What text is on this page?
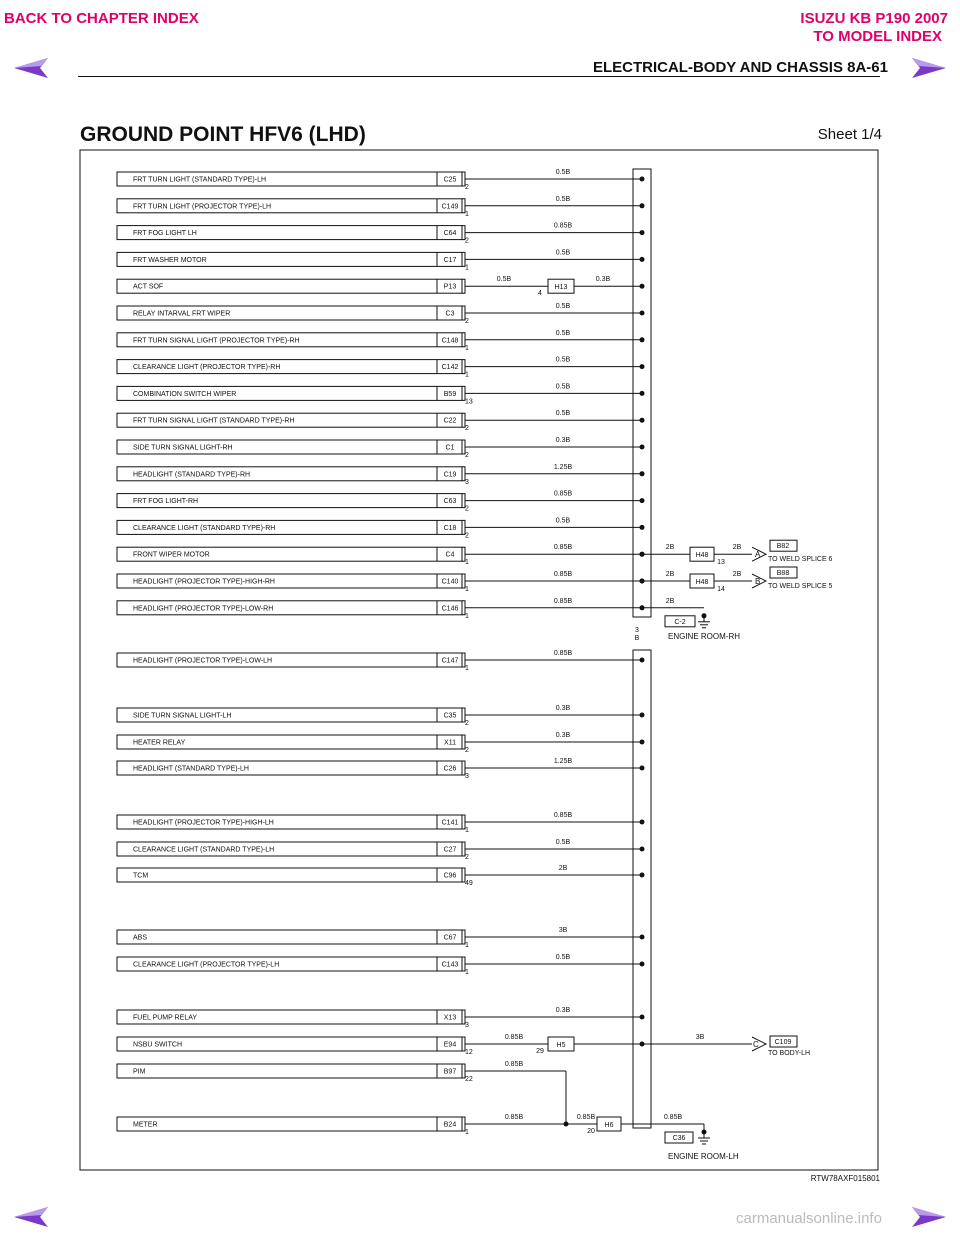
BACK TO CHAPTER INDEX	ISUZU KB P190 2007
TO MODEL INDEX
ELECTRICAL-BODY AND CHASSIS 8A-61
GROUND POINT HFV6 (LHD)	Sheet 1/4
FRT TURN LIGHT (STANDARD TYPE)-LH	C25
2
0.5B
FRT TURN LIGHT (PROJECTOR TYPE)-LH	C149
1
0.5B
FRT FOG LIGHT LH	C64
2
0.85B
FRT WASHER MOTOR	C17
1
0.5B
ACT SOF	P13
0.5B
H13
4
0.3B
RELAY INTARVAL FRT WIPER	C3
2
0.5B
FRT TURN SIGNAL LIGHT (PROJECTOR TYPE)-RH	C148
1
0.5B
CLEARANCE LIGHT (PROJECTOR TYPE)-RH	C142
1
0.5B
COMBINATION SWITCH WIPER	B59
13
0.5B
FRT TURN SIGNAL LIGHT (STANDARD TYPE)-RH	C22
2
0.5B
SIDE TURN SIGNAL LIGHT-RH	C1
2
0.3B
HEADLIGHT (STANDARD TYPE)-RH	C19
3
1.25B
FRT FOG LIGHT-RH	C63
2
0.85B
CLEARANCE LIGHT (STANDARD TYPE)-RH	C18
2
0.5B
FRONT WIPER MOTOR	C4
1
0.85B
HEADLIGHT (PROJECTOR TYPE)-HIGH-RH	C140
1
0.85B
HEADLIGHT (PROJECTOR TYPE)-LOW-RH	C146
1
0.85B
3
B
HEADLIGHT (PROJECTOR TYPE)-LOW-LH	C147
1
0.85B
SIDE TURN SIGNAL LIGHT-LH	C35
2
0.3B
HEATER RELAY	X11
2
0.3B
HEADLIGHT (STANDARD TYPE)-LH	C26
3
1.25B
HEADLIGHT (PROJECTOR TYPE)-HIGH-LH	C141
1
0.85B
CLEARANCE LIGHT (STANDARD TYPE)-LH	C27
2
0.5B
TCM	C96
49
2B
ABS	C67
1
3B
CLEARANCE LIGHT (PROJECTOR TYPE)-LH	C143
1
0.5B
FUEL PUMP RELAY	X13
3
0.3B
NSBU SWITCH	E94
12
0.85B
H5
29
PIM	B97
22
0.85B
METER	B24
1
0.85B	0.85B
H6
20
0.85B
2B
H48
13
2B
A
B82
TO WELD SPLICE 6
2B
H48
14
2B
B
B88
TO WELD SPLICE 5
2B
C-2
ENGINE ROOM-RH
3B
C C109
TO BODY-LH
C36
ENGINE ROOM-LH
RTW78AXF015801
carmanualsonline.info
